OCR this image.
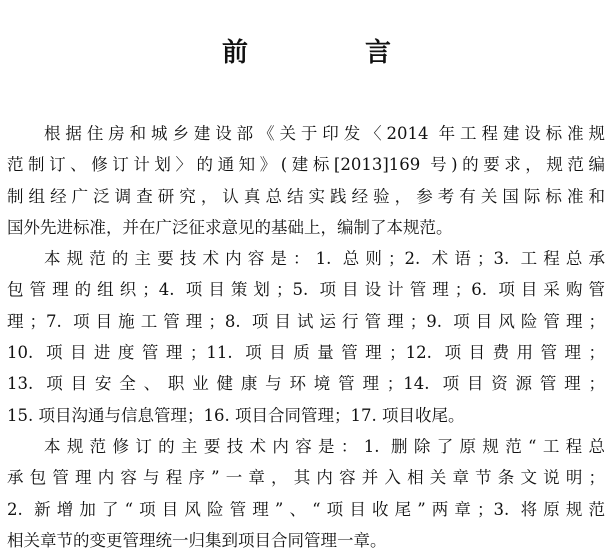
前 言
根据住房和城乡建设部《关于印发〈2014 年工程建设标准规
范制订、修订计划〉的通知》(建标[2013]169 号)的要求，规范编
制组经广泛调查研究，认真总结实践经验，参考有关国际标准和
国外先进标准，并在广泛征求意见的基础上，编制了本规范。
本规范的主要技术内容是：1. 总则；2. 术语；3. 工程总承
包管理的组织；4. 项目策划；5. 项目设计管理；6. 项目采购管
理；7. 项目施工管理；8. 项目试运行管理；9. 项目风险管理；
10. 项目进度管理；11. 项目质量管理；12. 项目费用管理；
13. 项目安全、职业健康与环境管理；14. 项目资源管理；
15. 项目沟通与信息管理；16. 项目合同管理；17. 项目收尾。
本规范修订的主要技术内容是：1. 删除了原规范“工程总
承包管理内容与程序”一章，其内容并入相关章节条文说明；
2. 新增加了“项目风险管理”、“项目收尾”两章；3. 将原规范
相关章节的变更管理统一归集到项目合同管理一章。
